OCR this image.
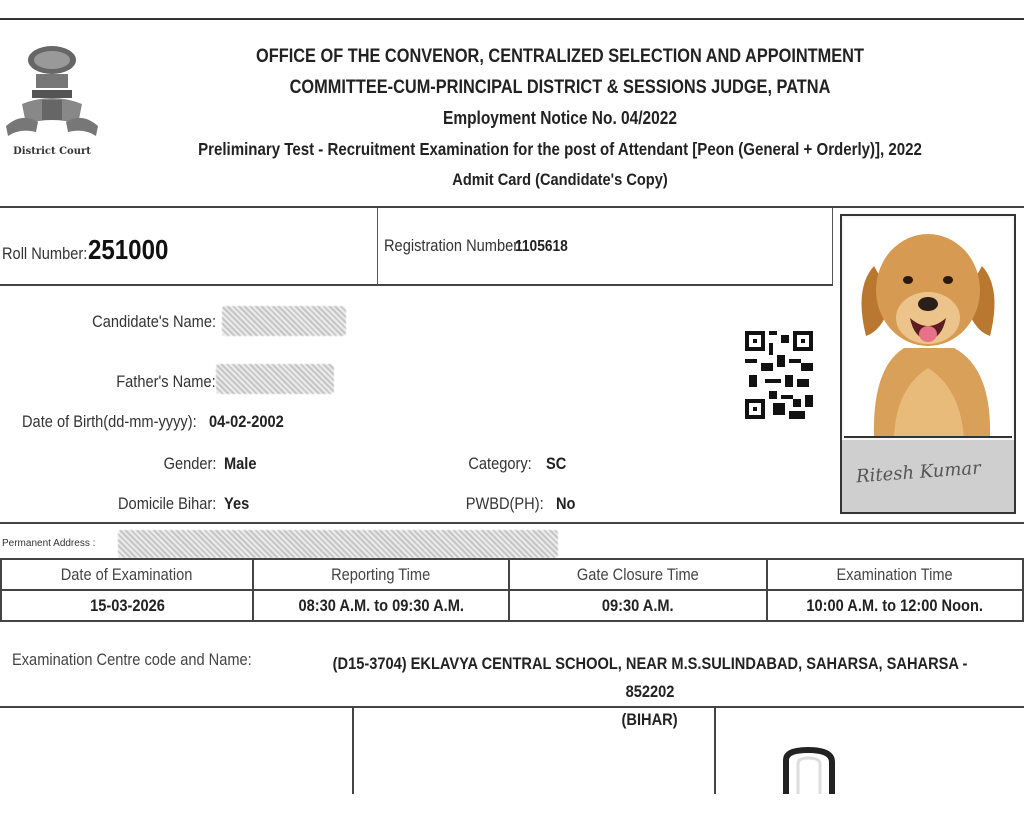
District Court
OFFICE OF THE CONVENOR, CENTRALIZED SELECTION AND APPOINTMENT
COMMITTEE-CUM-PRINCIPAL DISTRICT & SESSIONS JUDGE, PATNA
Employment Notice No. 04/2022
Preliminary Test - Recruitment Examination for the post of Attendant [Peon (General + Orderly)], 2022
Admit Card (Candidate's Copy)
Roll Number: 251000	Registration Number: 1105618
Ritesh Kumar
Candidate's Name:
Father's Name:
Date of Birth(dd-mm-yyyy): 04-02-2002
Gender: Male	Category: SC
Domicile Bihar: Yes	PWBD(PH): No
Permanent Address :
Date of Examination	Reporting Time	Gate Closure Time	Examination Time
15-03-2026	08:30 A.M. to 09:30 A.M.	09:30 A.M.	10:00 A.M. to 12:00 Noon.
Examination Centre code and Name:	(D15-3704) EKLAVYA CENTRAL SCHOOL, NEAR M.S.SULINDABAD, SAHARSA, SAHARSA - 852202
(BIHAR)
